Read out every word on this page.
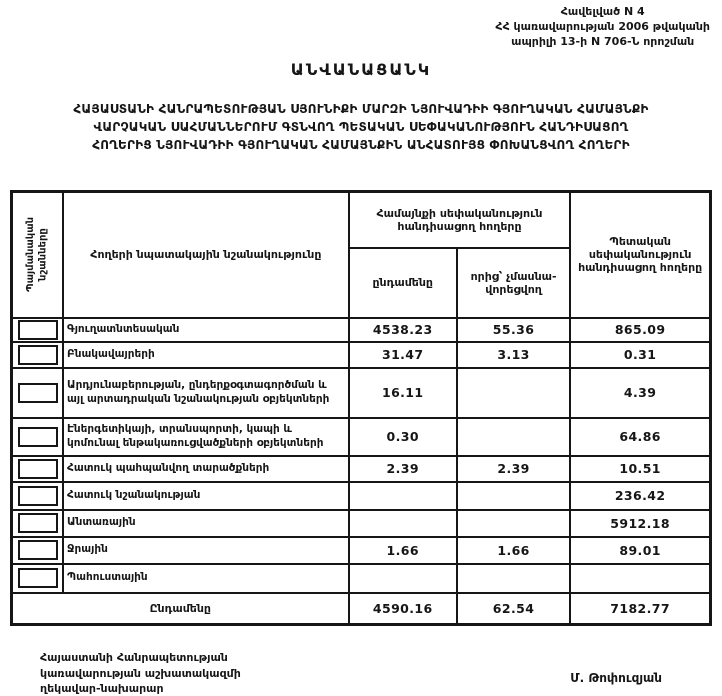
Հավելված N 4
ՀՀ կառավարության 2006 թվականի
ապրիլի 13-ի N 706-Ն որոշման
ԱՆՎԱՆԱՑԱՆԿ
ՀԱՅԱՍՏԱՆԻ ՀԱՆՐԱՊԵՏՈՒԹՅԱՆ ՍՅՈՒՆԻՔԻ ՄԱՐԶԻ ՆՅՈՒՎԱԴԻԻ ԳՅՈՒՂԱԿԱՆ ՀԱՄԱՅՆՔԻ
ՎԱՐՉԱԿԱՆ ՍԱՀՄԱՆՆԵՐՈՒՄ ԳՏՆՎՈՂ ՊԵՏԱԿԱՆ ՍԵՓԱԿԱՆՈՒԹՅՈՒՆ ՀԱՆԴԻՍԱՑՈՂ
ՀՈՂԵՐԻՑ ՆՅՈՒՎԱԴԻԻ ԳՅՈՒՂԱԿԱՆ ՀԱՄԱՅՆՔԻՆ ԱՆՀԱՏՈՒՅՑ ՓՈԽԱՆՑՎՈՂ ՀՈՂԵՐԻ
Պայմանական նշանները	Հողերի նպատակային նշանակությունը	Համայնքի սեփականություն հանդիսացող հողերը		Պետական սեփականություն հանդիսացող հողերը
		ընդամենը	որից՝ չմասնա-վորեցվող	

	Գյուղատնտեսական	4538.23	55.36	865.09

	Բնակավայրերի	31.47	3.13	0.31

	Արդյունաբերության, ընդերքօգտագործման և այլ արտադրական նշանակության օբյեկտների	16.11		4.39

	Էներգետիկայի, տրանսպորտի, կապի և կոմունալ ենթակառուցվածքների օբյեկտների	0.30		64.86

	Հատուկ պահպանվող տարածքների	2.39	2.39	10.51

	Հատուկ նշանակության			236.42

	Անտառային			5912.18

	Ջրային	1.66	1.66	89.01

	Պահուստային			
Ընդամենը		4590.16	62.54	7182.77
Հայաստանի Հանրապետության
կառավարության աշխատակազմի
ղեկավար-նախարար
Մ. Թոփուզյան
